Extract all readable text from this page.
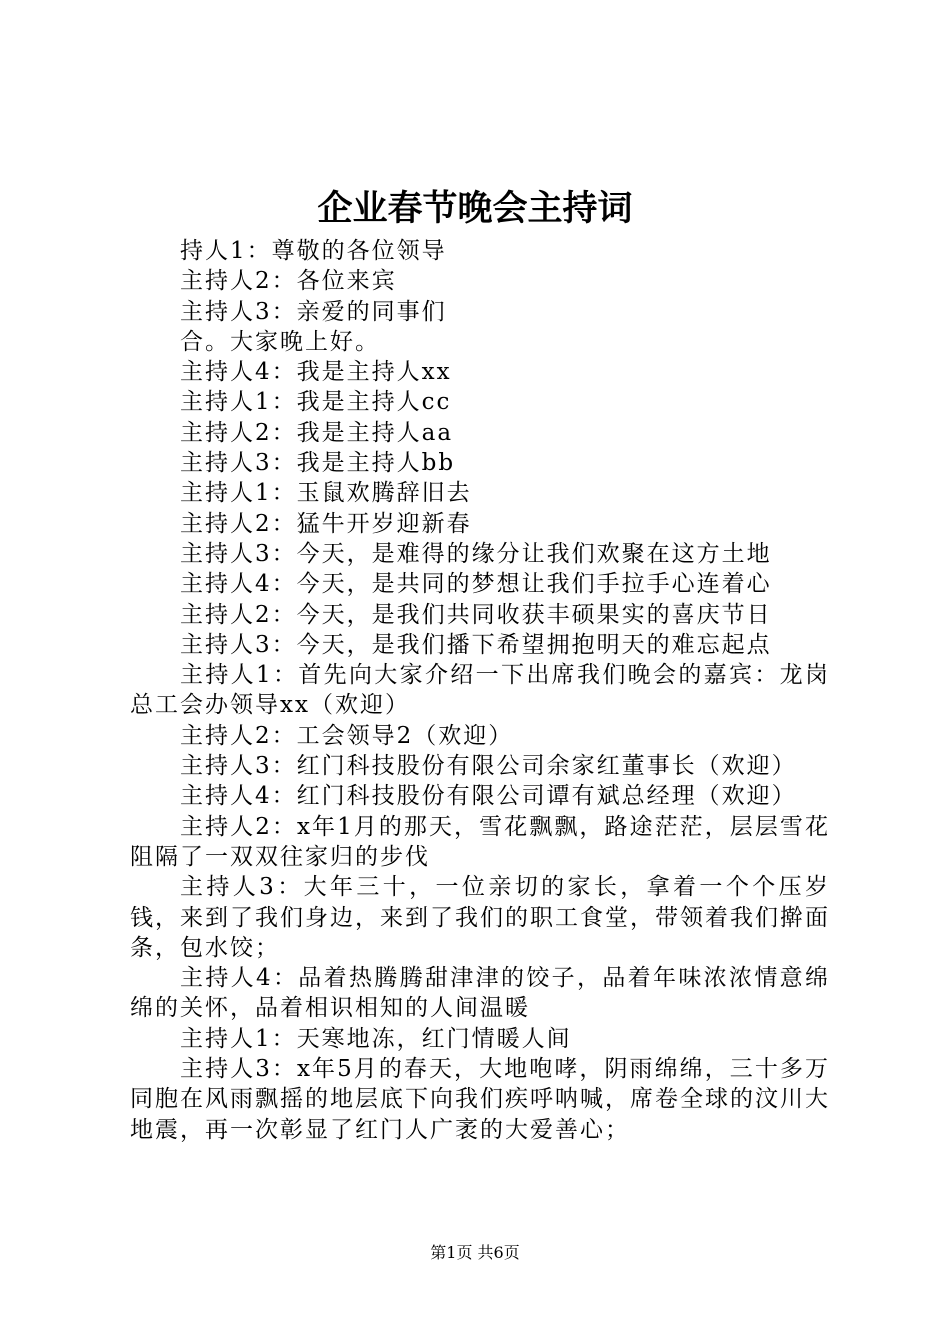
企业春节晚会主持词

持人1：尊敬的各位领导

主持人2：各位来宾

主持人3：亲爱的同事们

合。大家晚上好。

主持人4：我是主持人xx

主持人1：我是主持人cc

主持人2：我是主持人aa

主持人3：我是主持人bb

主持人1：玉鼠欢腾辞旧去

主持人2：猛牛开岁迎新春

主持人3：今天，是难得的缘分让我们欢聚在这方土地

主持人4：今天，是共同的梦想让我们手拉手心连着心

主持人2：今天，是我们共同收获丰硕果实的喜庆节日

主持人3：今天，是我们播下希望拥抱明天的难忘起点

主持人1：首先向大家介绍一下出席我们晚会的嘉宾：龙岗总工会办领导xx（欢迎）

主持人2：工会领导2（欢迎）

主持人3：红门科技股份有限公司余家红董事长（欢迎）

主持人4：红门科技股份有限公司谭有斌总经理（欢迎）

主持人2：x年1月的那天，雪花飘飘，路途茫茫，层层雪花阻隔了一双双往家归的步伐

主持人3：大年三十，一位亲切的家长，拿着一个个压岁钱，来到了我们身边，来到了我们的职工食堂，带领着我们擀面条，包水饺；

主持人4：品着热腾腾甜津津的饺子，品着年味浓浓情意绵绵的关怀，品着相识相知的人间温暖

主持人1：天寒地冻，红门情暖人间

主持人3：x年5月的春天，大地咆哮，阴雨绵绵，三十多万同胞在风雨飘摇的地层底下向我们疾呼呐喊，席卷全球的汶川大地震，再一次彰显了红门人广袤的大爱善心；

第1页 共6页
